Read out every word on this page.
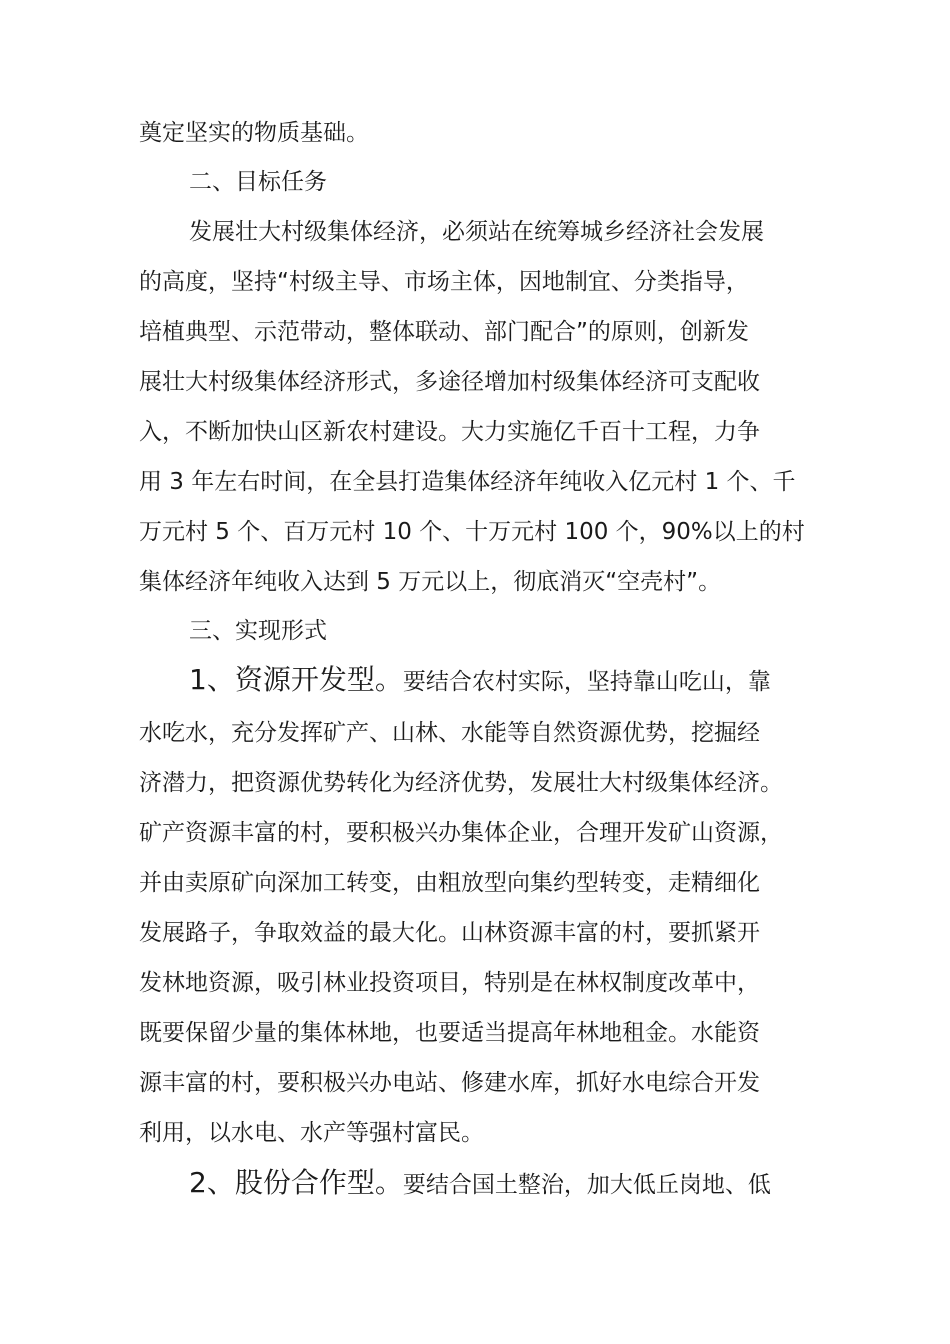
奠定坚实的物质基础。
二、目标任务
发展壮大村级集体经济，必须站在统筹城乡经济社会发展
的高度，坚持“村级主导、市场主体，因地制宜、分类指导，
培植典型、示范带动，整体联动、部门配合”的原则，创新发
展壮大村级集体经济形式，多途径增加村级集体经济可支配收
入，不断加快山区新农村建设。大力实施亿千百十工程，力争
用 3 年左右时间，在全县打造集体经济年纯收入亿元村 1 个、千
万元村 5 个、百万元村 10 个、十万元村 100 个，90%以上的村
集体经济年纯收入达到 5 万元以上，彻底消灭“空壳村”。
三、实现形式
1、资源开发型。要结合农村实际，坚持靠山吃山，靠
水吃水，充分发挥矿产、山林、水能等自然资源优势，挖掘经
济潜力，把资源优势转化为经济优势，发展壮大村级集体经济。
矿产资源丰富的村，要积极兴办集体企业，合理开发矿山资源，
并由卖原矿向深加工转变，由粗放型向集约型转变，走精细化
发展路子，争取效益的最大化。山林资源丰富的村，要抓紧开
发林地资源，吸引林业投资项目，特别是在林权制度改革中，
既要保留少量的集体林地，也要适当提高年林地租金。水能资
源丰富的村，要积极兴办电站、修建水库，抓好水电综合开发
利用，以水电、水产等强村富民。
2、股份合作型。要结合国土整治，加大低丘岗地、低
